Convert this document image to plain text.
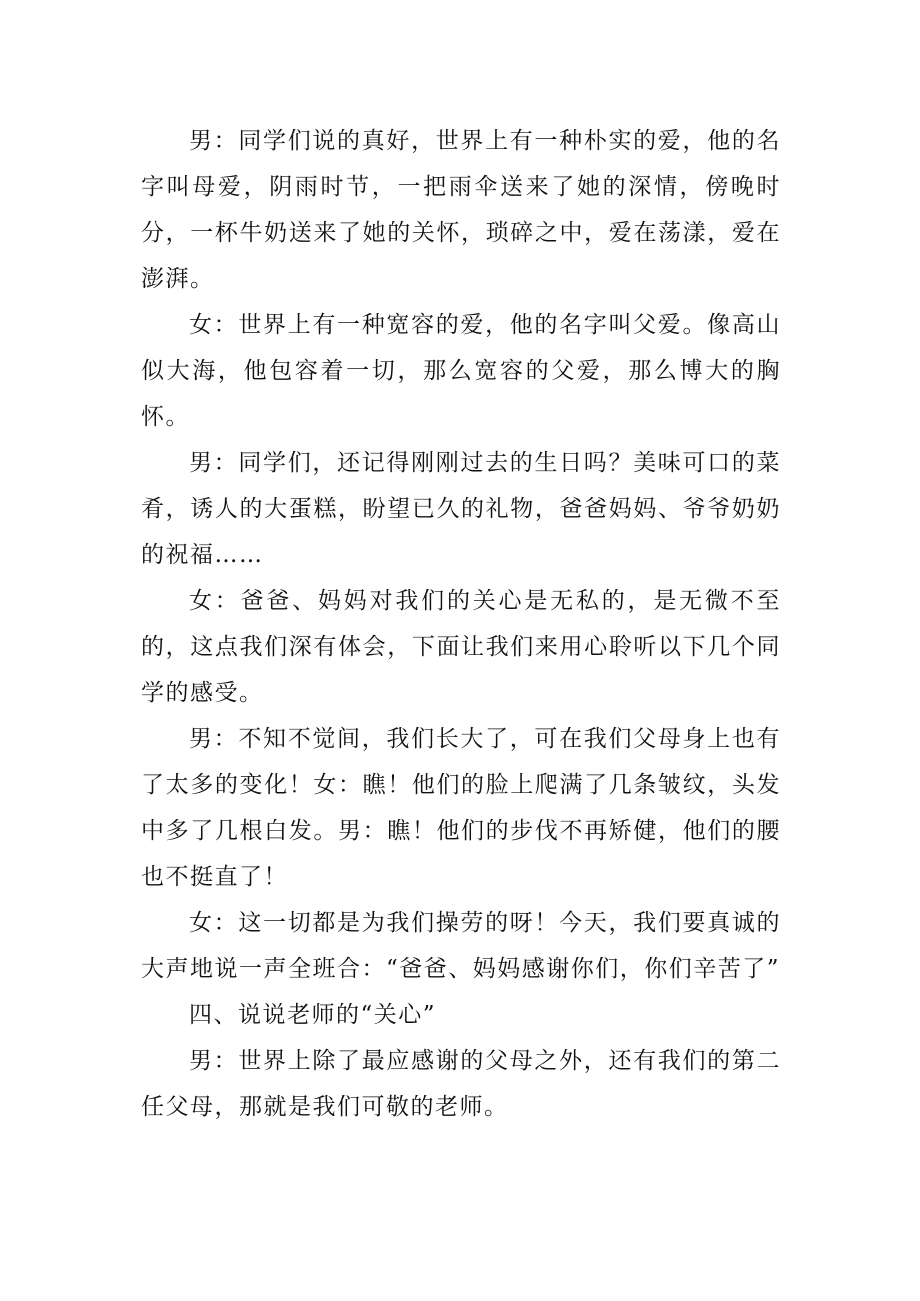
男：同学们说的真好，世界上有一种朴实的爱，他的名字叫母爱，阴雨时节，一把雨伞送来了她的深情，傍晚时分，一杯牛奶送来了她的关怀，琐碎之中，爱在荡漾，爱在澎湃。

女：世界上有一种宽容的爱，他的名字叫父爱。像高山似大海，他包容着一切，那么宽容的父爱，那么博大的胸怀。

男：同学们，还记得刚刚过去的生日吗？美味可口的菜肴，诱人的大蛋糕，盼望已久的礼物，爸爸妈妈、爷爷奶奶的祝福……

女：爸爸、妈妈对我们的关心是无私的，是无微不至的，这点我们深有体会，下面让我们来用心聆听以下几个同学的感受。

男：不知不觉间，我们长大了，可在我们父母身上也有了太多的变化！女：瞧！他们的脸上爬满了几条皱纹，头发中多了几根白发。男：瞧！他们的步伐不再矫健，他们的腰也不挺直了！

女：这一切都是为我们操劳的呀！今天，我们要真诚的大声地说一声全班合：“爸爸、妈妈感谢你们，你们辛苦了”

四、说说老师的“关心”

男：世界上除了最应感谢的父母之外，还有我们的第二任父母，那就是我们可敬的老师。
